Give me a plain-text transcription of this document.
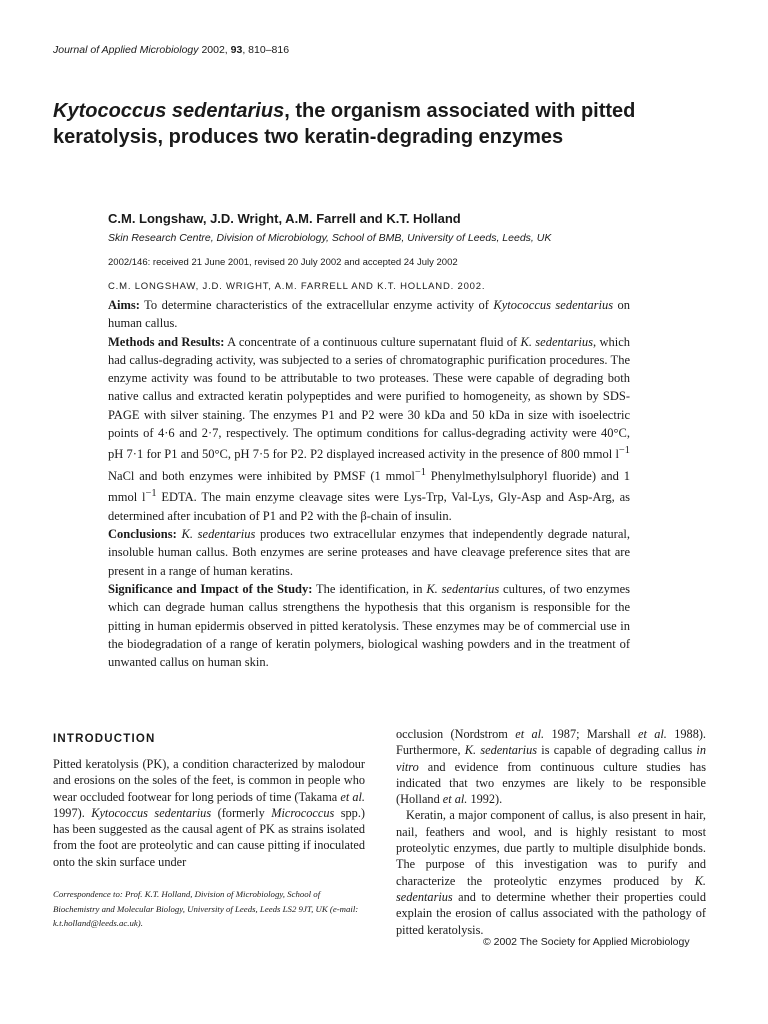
Journal of Applied Microbiology 2002, 93, 810–816
Kytococcus sedentarius, the organism associated with pitted keratolysis, produces two keratin-degrading enzymes
C.M. Longshaw, J.D. Wright, A.M. Farrell and K.T. Holland
Skin Research Centre, Division of Microbiology, School of BMB, University of Leeds, Leeds, UK
2002/146: received 21 June 2001, revised 20 July 2002 and accepted 24 July 2002
C.M. LONGSHAW, J.D. WRIGHT, A.M. FARRELL AND K.T. HOLLAND. 2002.

Aims: To determine characteristics of the extracellular enzyme activity of Kytococcus sedentarius on human callus.

Methods and Results: A concentrate of a continuous culture supernatant fluid of K. sedentarius, which had callus-degrading activity, was subjected to a series of chromatographic purification procedures. The enzyme activity was found to be attributable to two proteases. These were capable of degrading both native callus and extracted keratin polypeptides and were purified to homogeneity, as shown by SDS-PAGE with silver staining. The enzymes P1 and P2 were 30 kDa and 50 kDa in size with isoelectric points of 4·6 and 2·7, respectively. The optimum conditions for callus-degrading activity were 40°C, pH 7·1 for P1 and 50°C, pH 7·5 for P2. P2 displayed increased activity in the presence of 800 mmol $l^{-1}$ NaCl and both enzymes were inhibited by PMSF (1 mmol$^{-1}$ Phenylmethylsulphoryl fluoride) and 1 mmol $l^{-1}$ EDTA. The main enzyme cleavage sites were Lys-Trp, Val-Lys, Gly-Asp and Asp-Arg, as determined after incubation of P1 and P2 with the β-chain of insulin.

Conclusions: K. sedentarius produces two extracellular enzymes that independently degrade natural, insoluble human callus. Both enzymes are serine proteases and have cleavage preference sites that are present in a range of human keratins.

Significance and Impact of the Study: The identification, in K. sedentarius cultures, of two enzymes which can degrade human callus strengthens the hypothesis that this organism is responsible for the pitting in human epidermis observed in pitted keratolysis. These enzymes may be of commercial use in the biodegradation of a range of keratin polymers, biological washing powders and in the treatment of unwanted callus on human skin.

INTRODUCTION

Pitted keratolysis (PK), a condition characterized by malodour and erosions on the soles of the feet, is common in people who wear occluded footwear for long periods of time (Takama et al. 1997). Kytococcus sedentarius (formerly Micrococcus spp.) has been suggested as the causal agent of PK as strains isolated from the foot are proteolytic and can cause pitting if inoculated onto the skin surface under

occlusion (Nordstrom et al. 1987; Marshall et al. 1988). Furthermore, K. sedentarius is capable of degrading callus in vitro and evidence from continuous culture studies has indicated that two enzymes are likely to be responsible (Holland et al. 1992).

Keratin, a major component of callus, is also present in hair, nail, feathers and wool, and is highly resistant to most proteolytic enzymes, due partly to multiple disulphide bonds. The purpose of this investigation was to purify and characterize the proteolytic enzymes produced by K. sedentarius and to determine whether their properties could explain the erosion of callus associated with the pathology of pitted keratolysis.

Correspondence to: Prof. K.T. Holland, Division of Microbiology, School of Biochemistry and Molecular Biology, University of Leeds, Leeds LS2 9JT, UK (e-mail: k.t.holland@leeds.ac.uk).
© 2002 The Society for Applied Microbiology
